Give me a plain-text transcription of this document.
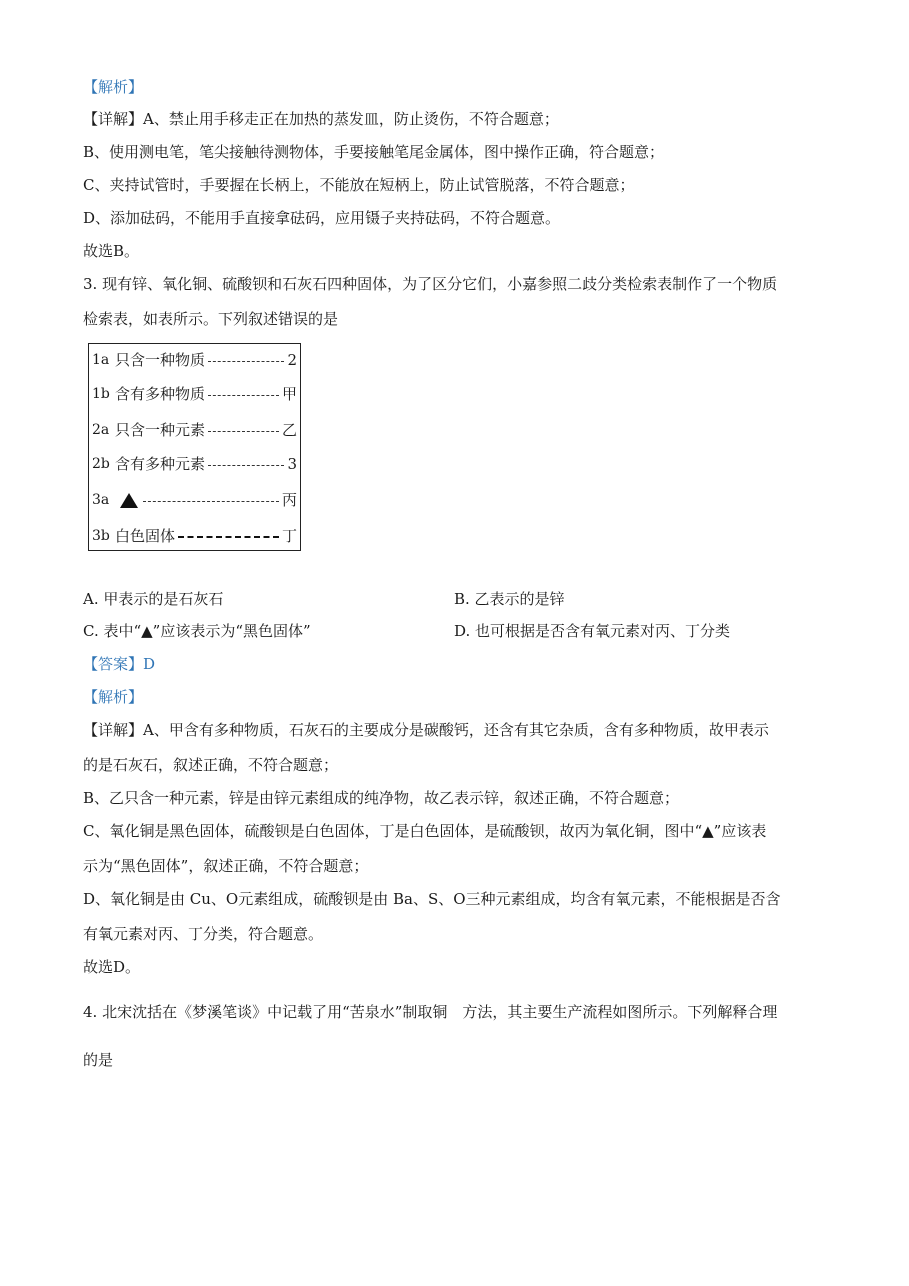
【解析】
【详解】A、禁止用手移走正在加热的蒸发皿，防止烫伤，不符合题意；
B、使用测电笔，笔尖接触待测物体，手要接触笔尾金属体，图中操作正确，符合题意；
C、夹持试管时，手要握在长柄上，不能放在短柄上，防止试管脱落，不符合题意；
D、添加砝码，不能用手直接拿砝码，应用镊子夹持砝码，不符合题意。
故选B。
3. 现有锌、氧化铜、硫酸钡和石灰石四种固体，为了区分它们，小嘉参照二歧分类检索表制作了一个物质
检索表，如表所示。下列叙述错误的是
1a 只含一种物质	2
1b 含有多种物质	甲
2a 只含一种元素	乙
2b 含有多种元素	3
3a	丙
3b 白色固体	丁
A. 甲表示的是石灰石	B. 乙表示的是锌
C. 表中“▲”应该表示为“黑色固体”	D. 也可根据是否含有氧元素对丙、丁分类
【答案】D
【解析】
【详解】A、甲含有多种物质，石灰石的主要成分是碳酸钙，还含有其它杂质，含有多种物质，故甲表示
的是石灰石，叙述正确，不符合题意；
B、乙只含一种元素，锌是由锌元素组成的纯净物，故乙表示锌，叙述正确，不符合题意；
C、氧化铜是黑色固体，硫酸钡是白色固体，丁是白色固体，是硫酸钡，故丙为氧化铜，图中“▲”应该表
示为“黑色固体”，叙述正确，不符合题意；
D、氧化铜是由 Cu、O元素组成，硫酸钡是由 Ba、S、O三种元素组成，均含有氧元素，不能根据是否含
有氧元素对丙、丁分类，符合题意。
故选D。
4. 北宋沈括在《梦溪笔谈》中记载了用“苦泉水”制取铜　方法，其主要生产流程如图所示。下列解释合理
的是
